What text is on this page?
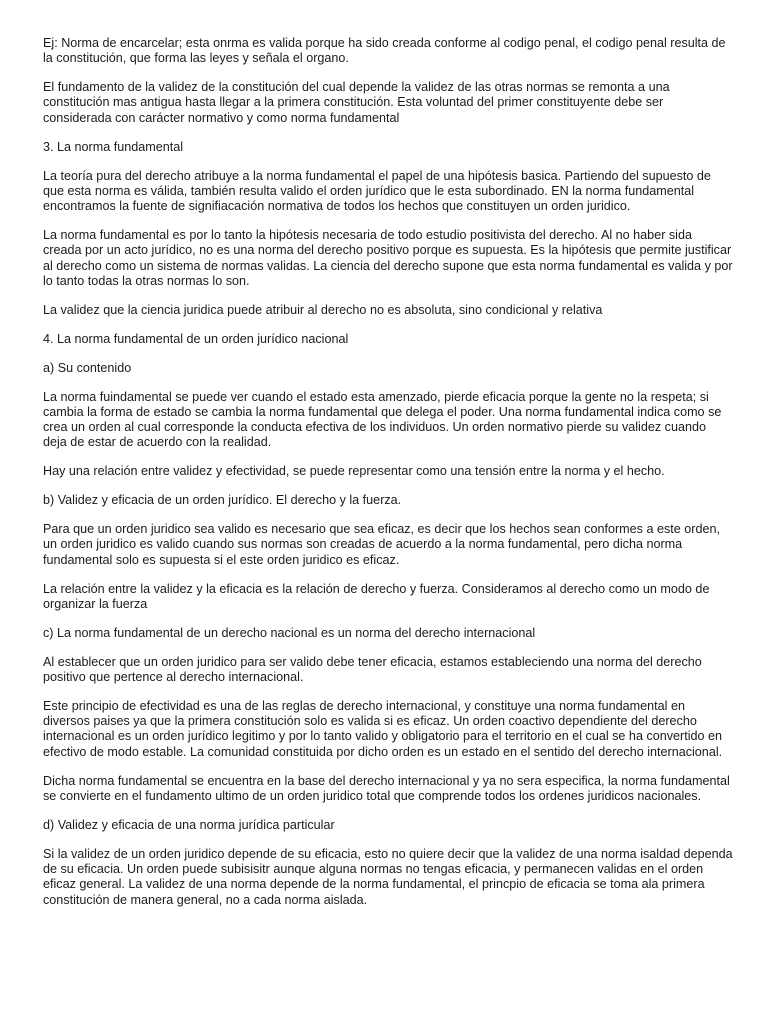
Ej: Norma de encarcelar; esta onrma es valida porque ha sido creada conforme al codigo penal, el codigo penal resulta de la constitución, que forma las leyes y señala el organo.

El fundamento de la validez de la constitución del cual depende la validez de las otras normas se remonta a una constitución mas antigua hasta llegar a la primera constitución. Esta voluntad del primer constituyente debe ser considerada con carácter normativo y como norma fundamental

3. La norma fundamental

La teoría pura del derecho atribuye a la norma fundamental el papel de una hipótesis basica. Partiendo del supuesto de que esta norma es válida, también resulta valido el orden jurídico que le esta subordinado. EN la norma fundamental encontramos la fuente de signifiacación normativa de todos los hechos que constituyen un orden juridico.

La norma fundamental es por lo tanto la hipótesis necesaria de todo estudio positivista del derecho. Al no haber sida creada por un acto jurídico, no es una norma del derecho positivo porque es supuesta. Es la hipótesis que permite justificar al derecho como un sistema de normas validas. La ciencia del derecho supone que esta norma fundamental es valida y por lo tanto todas la otras normas lo son.

La validez que la ciencia juridica puede atribuir al derecho no es absoluta, sino condicional y relativa

4. La norma fundamental de un orden jurídico nacional

a) Su contenido

La norma fuindamental se puede ver cuando el estado esta amenzado, pierde eficacia porque la gente no la respeta; si cambia la forma de estado se cambia la norma fundamental que delega el poder. Una norma fundamental indica como se crea un orden al cual corresponde la conducta efectiva de los individuos. Un orden normativo pierde su validez cuando deja de estar de acuerdo con la realidad.

Hay una relación entre validez y efectividad, se puede representar como una tensión entre la norma y el hecho.

b) Validez y eficacia de un orden jurídico. El derecho y la fuerza.

Para que un orden juridico sea valido es necesario que sea eficaz, es decir que los hechos sean conformes a este orden, un orden juridico es valido cuando sus normas son creadas de acuerdo a la norma fundamental, pero dicha norma fundamental solo es supuesta si el este orden juridico es eficaz.

La relación entre la validez y la eficacia es la relación de derecho y fuerza. Consideramos al derecho como un modo de organizar la fuerza

c) La norma fundamental de un derecho nacional es un norma del derecho internacional

Al establecer que un orden juridico para ser valido debe tener eficacia, estamos estableciendo una norma del derecho positivo que pertence al derecho internacional.

Este principio de efectividad es una de las reglas de derecho internacional, y constituye una norma fundamental en diversos paises ya que la primera constitución solo es valida si es eficaz. Un orden coactivo dependiente del derecho internacional es un orden jurídico legitimo y por lo tanto valido y obligatorio para el territorio en el cual se ha convertido en efectivo de modo estable. La comunidad constituida por dicho orden es un estado en el sentido del derecho internacional.

Dicha norma fundamental se encuentra en la base del derecho internacional y ya no sera especifica, la norma fundamental se convierte en el fundamento ultimo de un orden juridico total que comprende todos los ordenes juridicos nacionales.

d) Validez y eficacia de una norma jurídica particular

Si la validez de un orden juridico depende de su eficacia, esto no quiere decir que la validez de una norma isaldad dependa de su eficacia. Un orden puede subisisitr aunque alguna normas no tengas eficacia, y permanecen validas en el orden eficaz general. La validez de una norma depende de la norma fundamental, el princpio de eficacia se toma ala primera constitución de manera general, no a cada norma aislada.
